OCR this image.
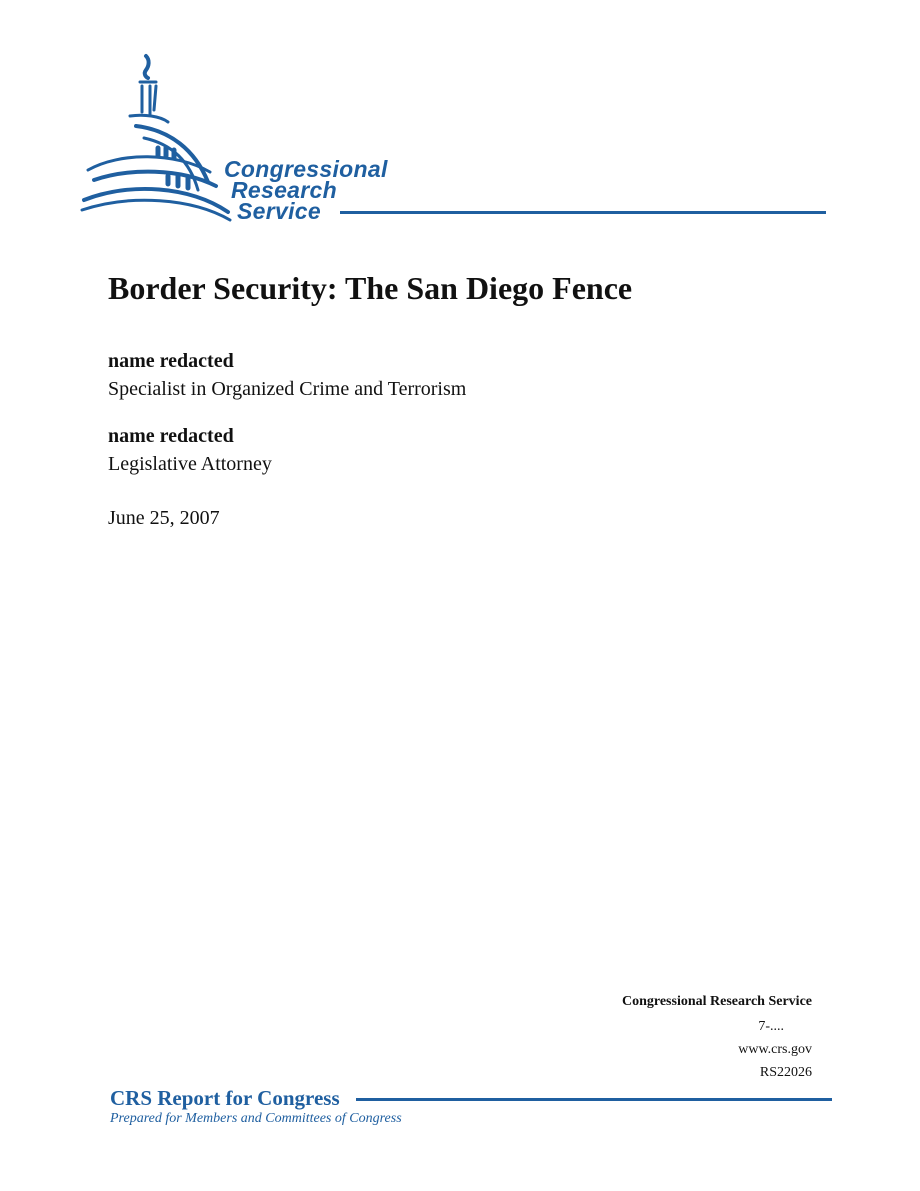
Congressional
Research
Service
Border Security: The San Diego Fence
name redacted
Specialist in Organized Crime and Terrorism
name redacted
Legislative Attorney
June 25, 2007
Congressional Research Service
7-....
www.crs.gov
RS22026
CRS Report for Congress
Prepared for Members and Committees of Congress
